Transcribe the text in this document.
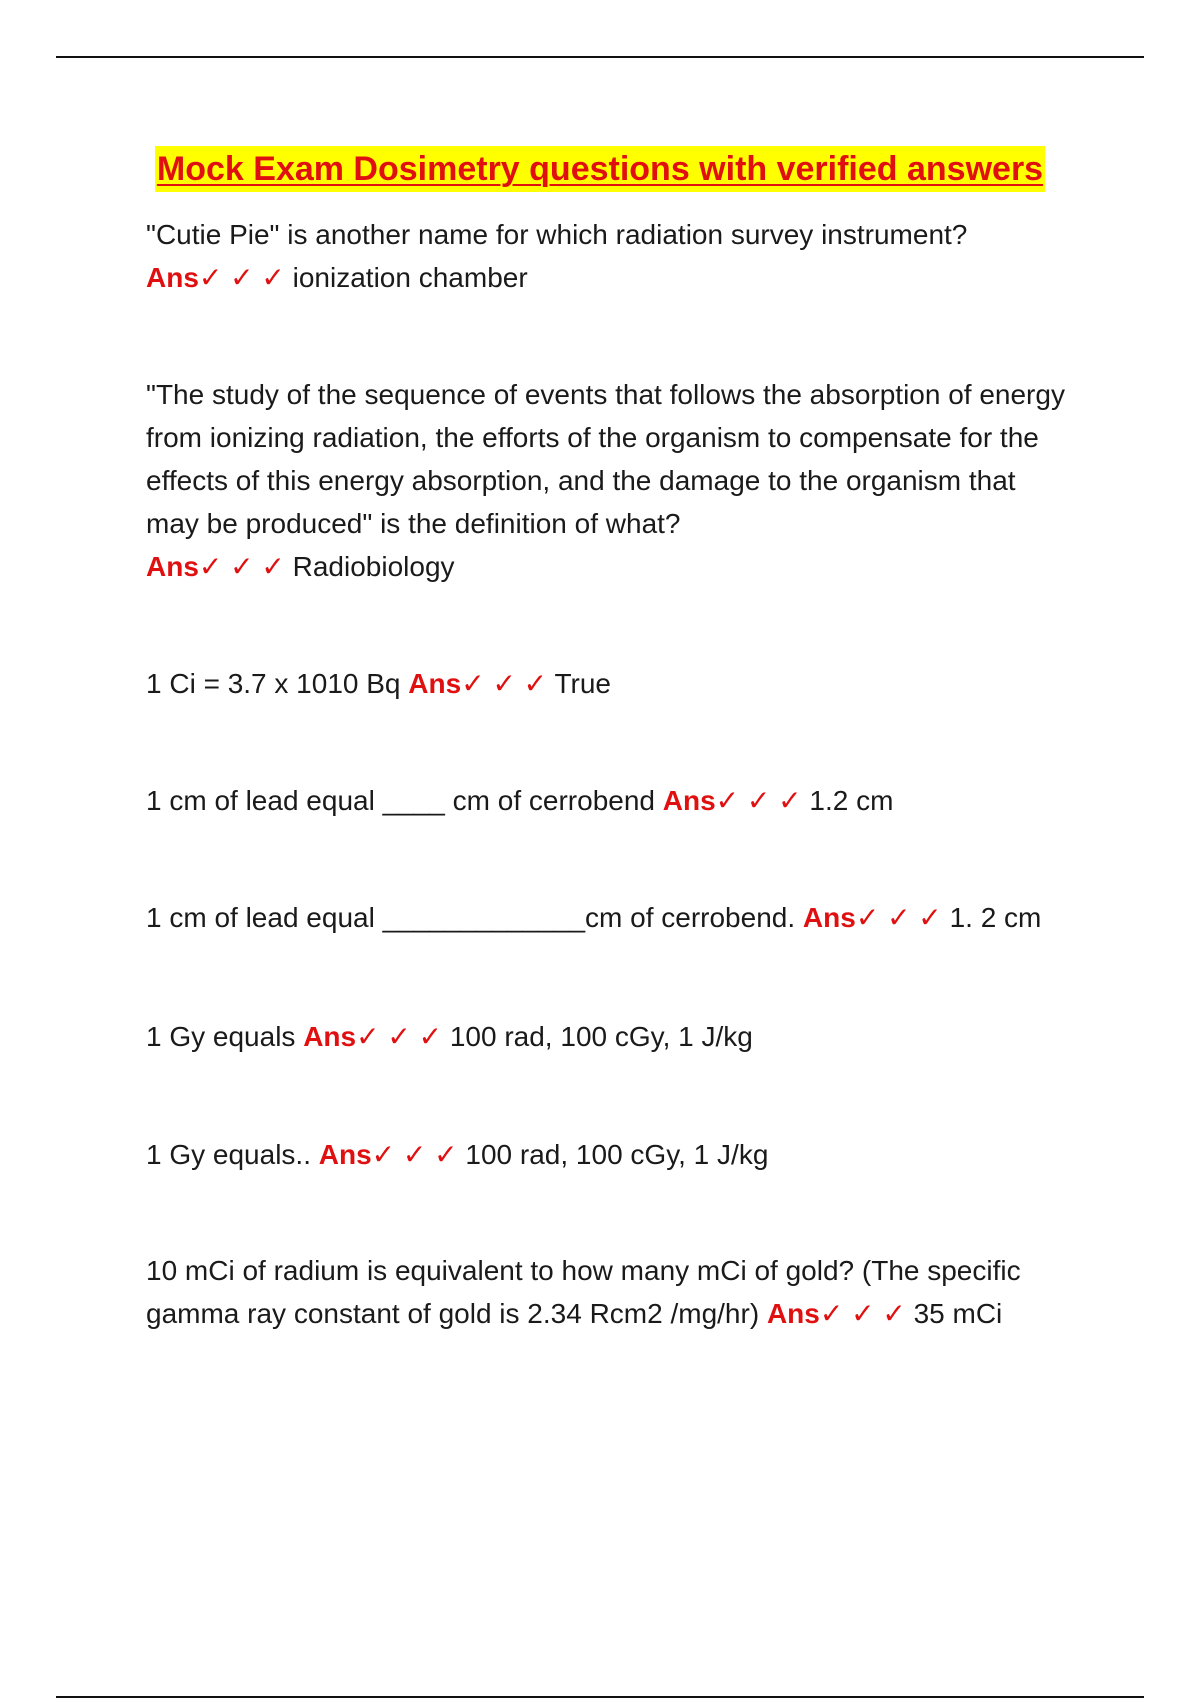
Mock Exam Dosimetry questions with verified answers
"Cutie Pie" is another name for which radiation survey instrument?
Ans✓ ✓ ✓ ionization chamber
"The study of the sequence of events that follows the absorption of energy from ionizing radiation, the efforts of the organism to compensate for the effects of this energy absorption, and the damage to the organism that may be produced" is the definition of what?
Ans✓ ✓ ✓ Radiobiology
1 Ci = 3.7 x 1010 Bq Ans✓ ✓ ✓ True
1 cm of lead equal ____ cm of cerrobend Ans✓ ✓ ✓ 1.2 cm
1 cm of lead equal _____________cm of cerrobend. Ans✓ ✓ ✓ 1. 2 cm
1 Gy equals Ans✓ ✓ ✓ 100 rad, 100 cGy, 1 J/kg
1 Gy equals.. Ans✓ ✓ ✓ 100 rad, 100 cGy, 1 J/kg
10 mCi of radium is equivalent to how many mCi of gold? (The specific gamma ray constant of gold is 2.34 Rcm2 /mg/hr) Ans✓ ✓ ✓ 35 mCi
